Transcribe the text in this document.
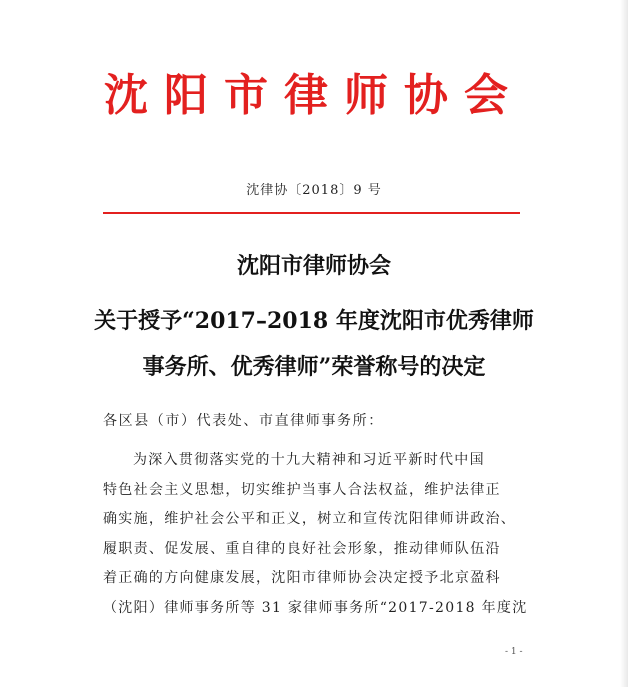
沈阳市律师协会
沈律协〔2018〕9 号
沈阳市律师协会
关于授予“2017–2018 年度沈阳市优秀律师
事务所、优秀律师”荣誉称号的决定
各区县（市）代表处、市直律师事务所：
为深入贯彻落实党的十九大精神和习近平新时代中国
特色社会主义思想，切实维护当事人合法权益，维护法律正
确实施，维护社会公平和正义，树立和宣传沈阳律师讲政治、
履职责、促发展、重自律的良好社会形象，推动律师队伍沿
着正确的方向健康发展，沈阳市律师协会决定授予北京盈科
（沈阳）律师事务所等 31 家律师事务所“2017-2018 年度沈
- 1 -
